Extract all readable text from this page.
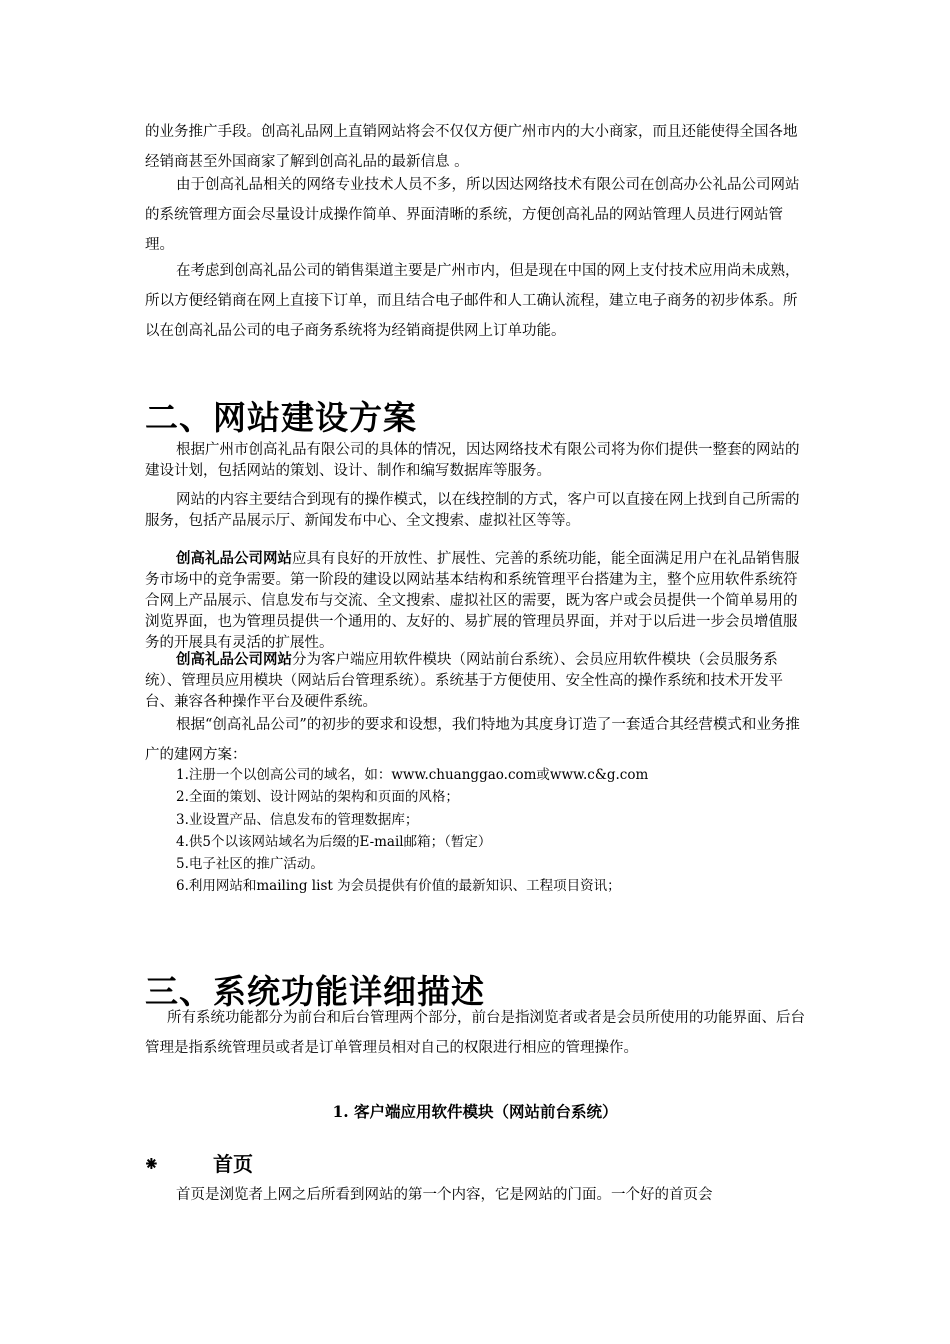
的业务推广手段。创高礼品网上直销网站将会不仅仅方便广州市内的大小商家，而且还能使得全国各地经销商甚至外国商家了解到创高礼品的最新信息 。
由于创高礼品相关的网络专业技术人员不多，所以因达网络技术有限公司在创高办公礼品公司网站的系统管理方面会尽量设计成操作简单、界面清晰的系统，方便创高礼品的网站管理人员进行网站管理。
在考虑到创高礼品公司的销售渠道主要是广州市内，但是现在中国的网上支付技术应用尚未成熟，所以方便经销商在网上直接下订单，而且结合电子邮件和人工确认流程，建立电子商务的初步体系。所以在创高礼品公司的电子商务系统将为经销商提供网上订单功能。
二、网站建设方案
根据广州市创高礼品有限公司的具体的情况，因达网络技术有限公司将为你们提供一整套的网站的建设计划，包括网站的策划、设计、制作和编写数据库等服务。
网站的内容主要结合到现有的操作模式，以在线控制的方式，客户可以直接在网上找到自己所需的服务，包括产品展示厅、新闻发布中心、全文搜索、虚拟社区等等。
创高礼品公司网站应具有良好的开放性、扩展性、完善的系统功能，能全面满足用户在礼品销售服务市场中的竞争需要。第一阶段的建设以网站基本结构和系统管理平台搭建为主，整个应用软件系统符合网上产品展示、信息发布与交流、全文搜索、虚拟社区的需要，既为客户或会员提供一个简单易用的浏览界面，也为管理员提供一个通用的、友好的、易扩展的管理员界面，并对于以后进一步会员增值服务的开展具有灵活的扩展性。
创高礼品公司网站分为客户端应用软件模块（网站前台系统）、会员应用软件模块（会员服务系统）、管理员应用模块（网站后台管理系统）。系统基于方便使用、安全性高的操作系统和技术开发平台、兼容各种操作平台及硬件系统。
根据“创高礼品公司”的初步的要求和设想，我们特地为其度身订造了一套适合其经营模式和业务推广的建网方案：
1.注册一个以创高公司的域名，如：www.chuanggao.com或www.c&g.com
2.全面的策划、设计网站的架构和页面的风格；
3.业设置产品、信息发布的管理数据库；
4.供5个以该网站域名为后缀的E-mail邮箱；（暂定）
5.电子社区的推广活动。
6.利用网站和mailing list 为会员提供有价值的最新知识、工程项目资讯；
三、系统功能详细描述
所有系统功能都分为前台和后台管理两个部分，前台是指浏览者或者是会员所使用的功能界面、后台管理是指系统管理员或者是订单管理员相对自己的权限进行相应的管理操作。
1. 客户端应用软件模块（网站前台系统）
⁕	首页
首页是浏览者上网之后所看到网站的第一个内容，它是网站的门面。一个好的首页会
